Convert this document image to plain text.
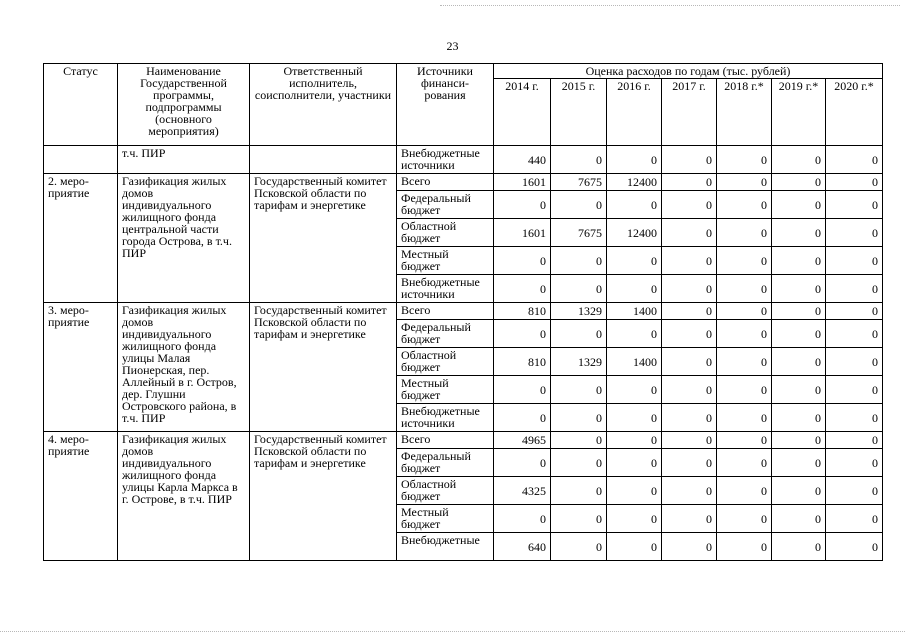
23
Статус	Наименование Государственной программы, подпрограммы (основного мероприятия)	Ответственный исполнитель, соисполнители, участники	Источники финанси-рования	Оценка расходов по годам (тыс. рублей)						
				2014 г.	2015 г.	2016 г.	2017 г.	2018 г.*	2019 г.*	2020 г.*
	т.ч. ПИР		Внебюджетные источники	440	0	0	0	0	0	0
2. меро-приятие	Газификация жилых домов индивидуального жилищного фонда центральной части города Острова, в т.ч. ПИР	Государственный комитет Псковской области по тарифам и энергетике	Всего	1601	7675	12400	0	0	0	0
			Федеральный бюджет	0	0	0	0	0	0	0
			Областной бюджет	1601	7675	12400	0	0	0	0
			Местный бюджет	0	0	0	0	0	0	0
			Внебюджетные источники	0	0	0	0	0	0	0
3. меро-приятие	Газификация жилых домов индивидуального жилищного фонда улицы Малая Пионерская, пер. Аллейный в г. Остров, дер. Глушни Островского района, в т.ч. ПИР	Государственный комитет Псковской области по тарифам и энергетике	Всего	810	1329	1400	0	0	0	0
			Федеральный бюджет	0	0	0	0	0	0	0
			Областной бюджет	810	1329	1400	0	0	0	0
			Местный бюджет	0	0	0	0	0	0	0
			Внебюджетные источники	0	0	0	0	0	0	0
4. меро-приятие	Газификация жилых домов индивидуального жилищного фонда улицы Карла Маркса в г. Острове, в т.ч. ПИР	Государственный комитет Псковской области по тарифам и энергетике	Всего	4965	0	0	0	0	0	0
			Федеральный бюджет	0	0	0	0	0	0	0
			Областной бюджет	4325	0	0	0	0	0	0
			Местный бюджет	0	0	0	0	0	0	0
			Внебюджетные	640	0	0	0	0	0	0
